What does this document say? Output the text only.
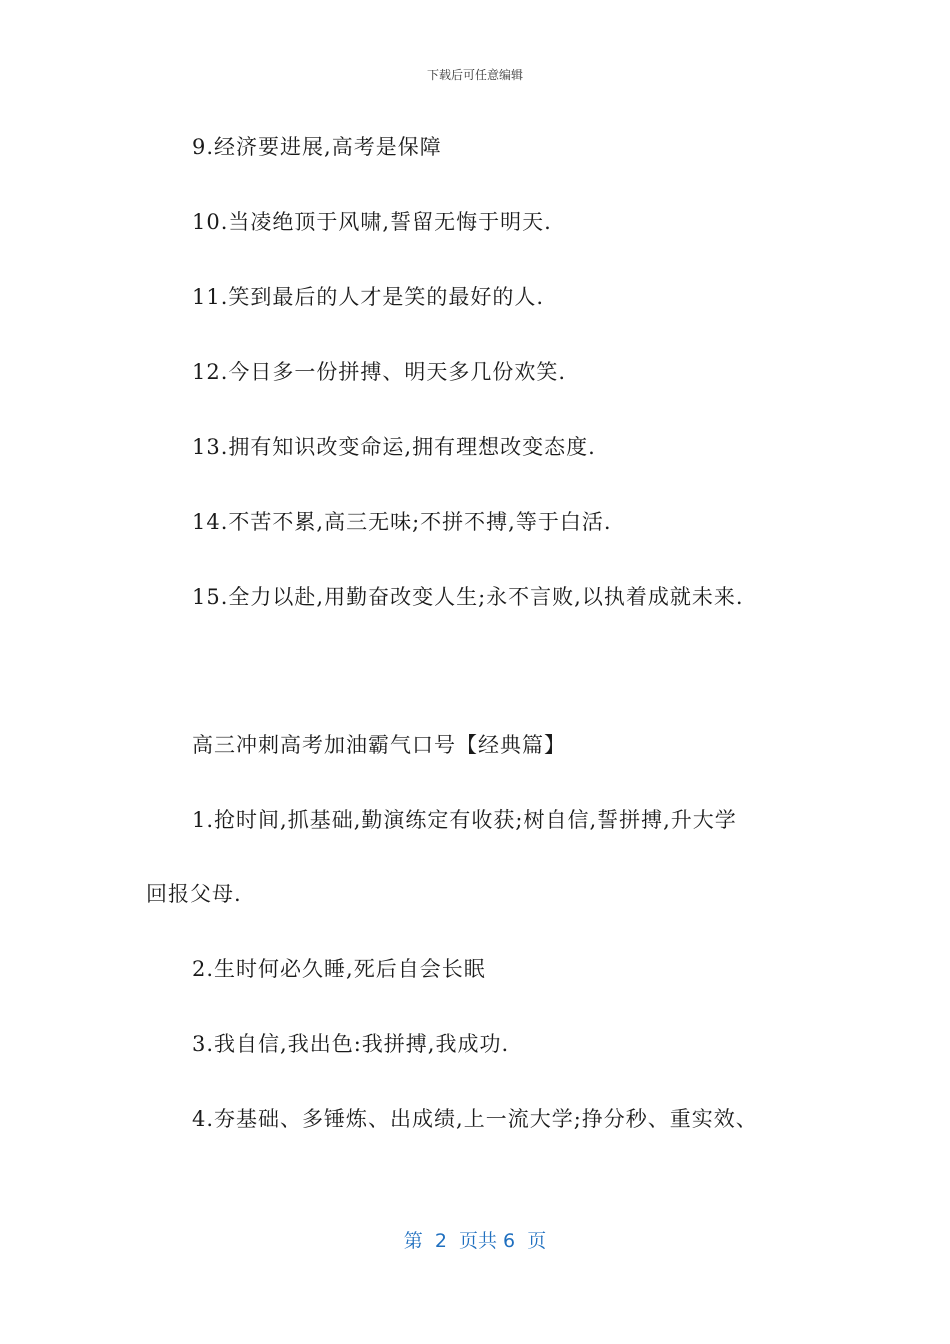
下载后可任意编辑
9.经济要进展,高考是保障
10.当凌绝顶于风啸,誓留无悔于明天.
11.笑到最后的人才是笑的最好的人.
12.今日多一份拼搏、明天多几份欢笑.
13.拥有知识改变命运,拥有理想改变态度.
14.不苦不累,高三无味;不拼不搏,等于白活.
15.全力以赴,用勤奋改变人生;永不言败,以执着成就未来.
高三冲刺高考加油霸气口号【经典篇】
1.抢时间,抓基础,勤演练定有收获;树自信,誓拼搏,升大学
回报父母.
2.生时何必久睡,死后自会长眠
3.我自信,我出色:我拼搏,我成功.
4.夯基础、多锤炼、出成绩,上一流大学;挣分秒、重实效、
第  2  页共 6  页
